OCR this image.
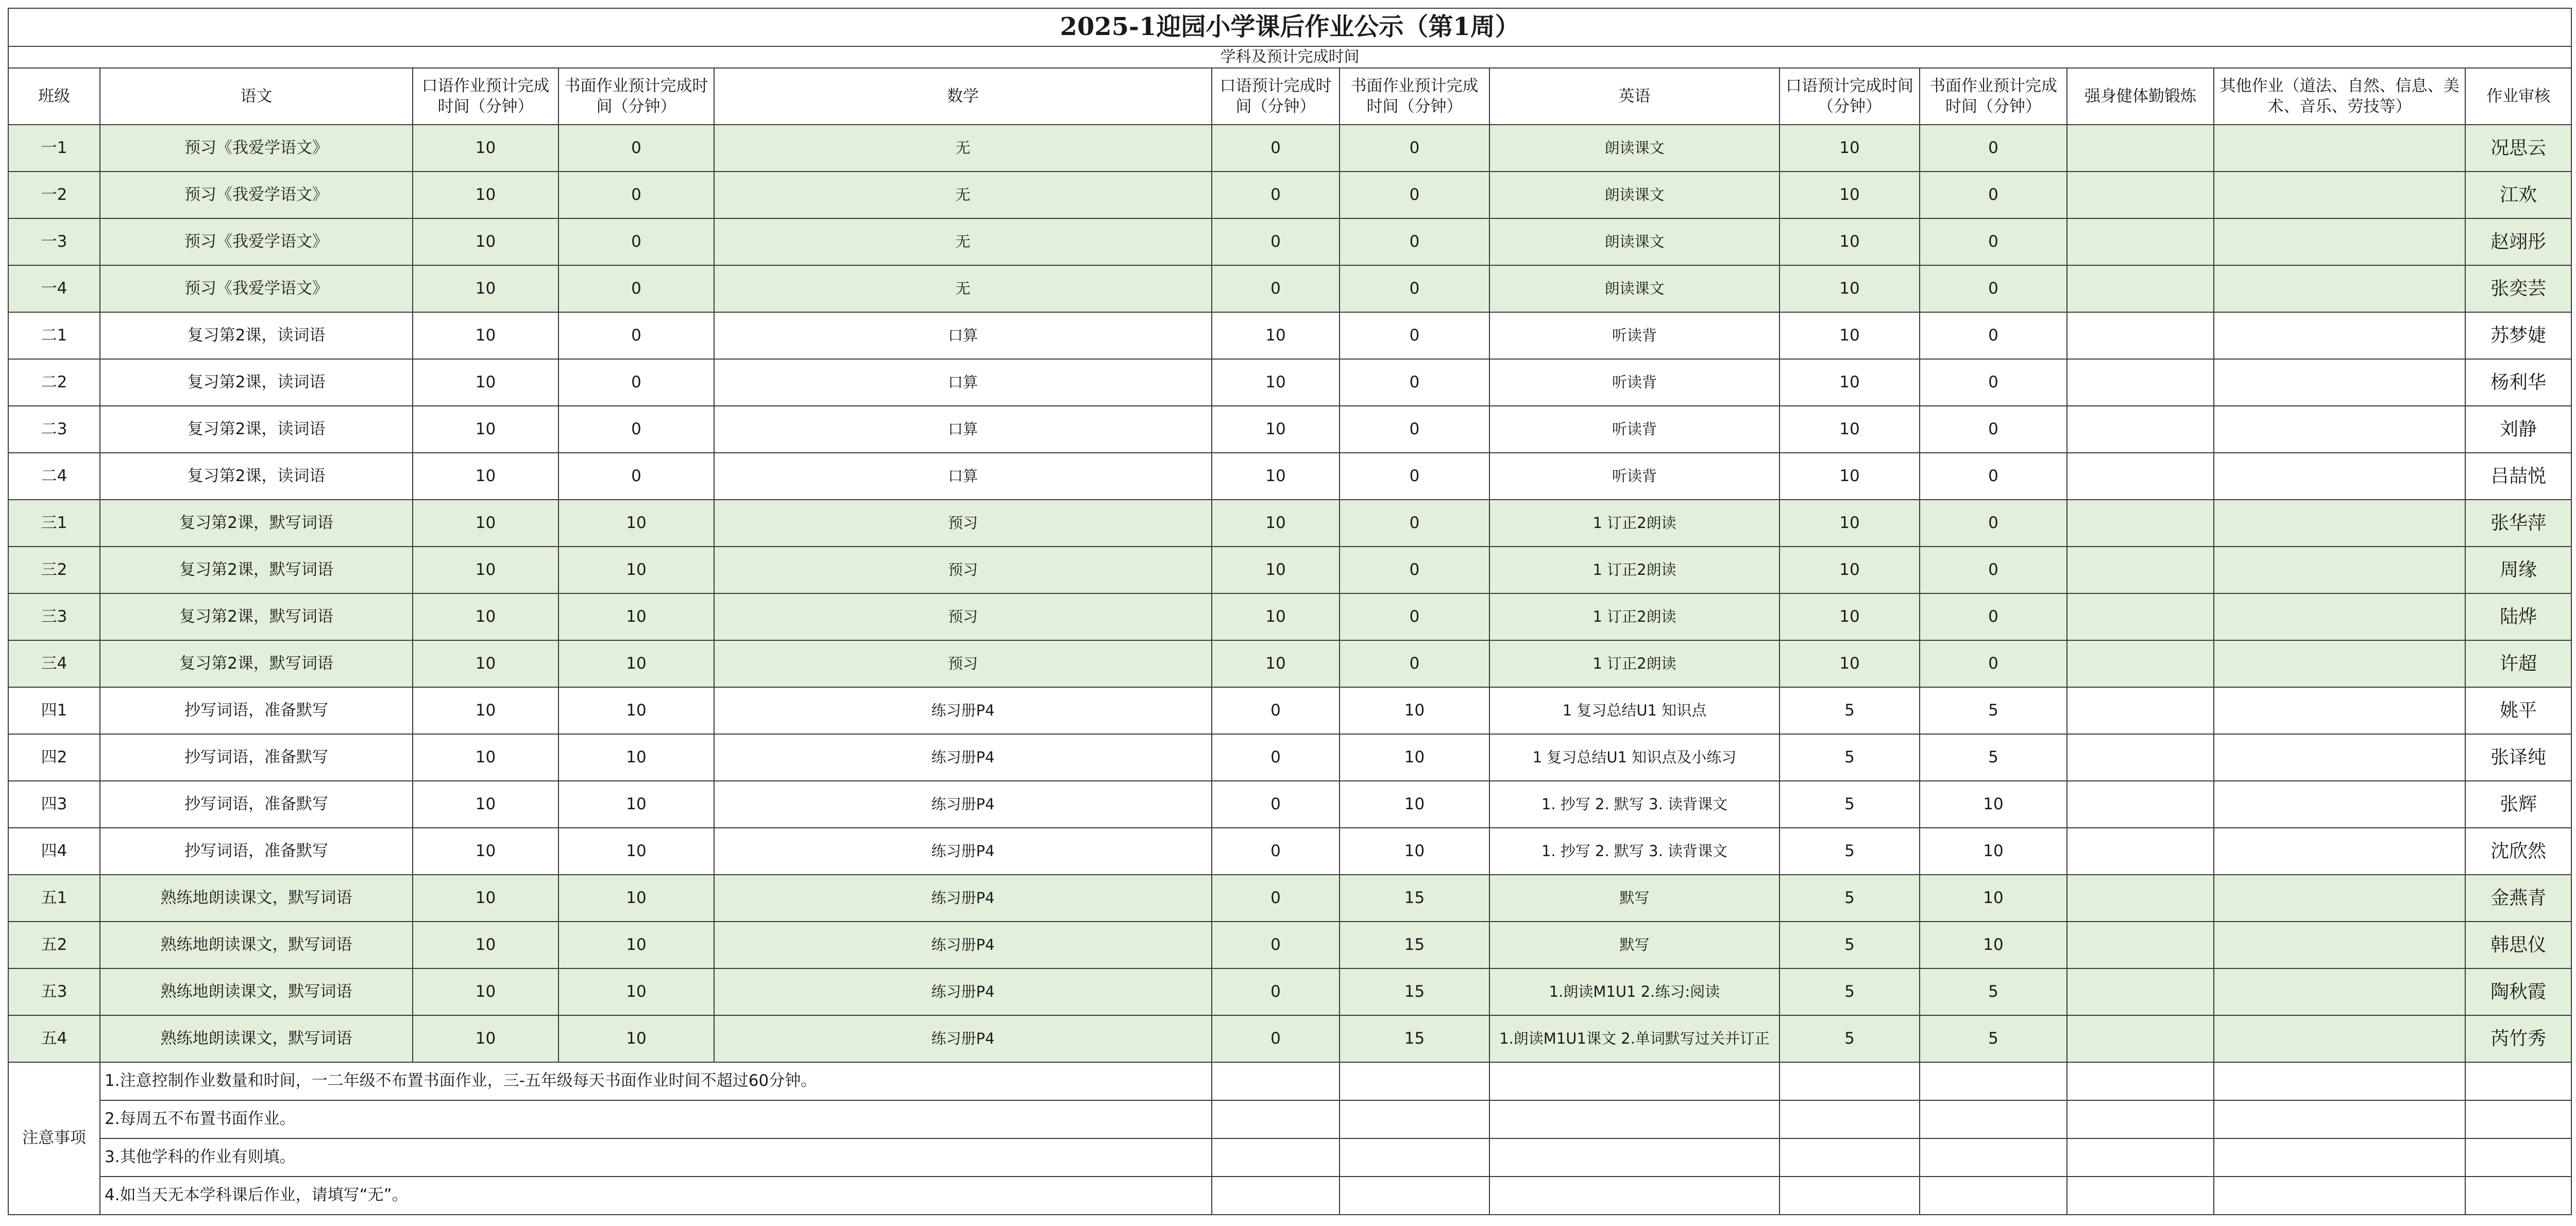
2025-1迎园小学课后作业公示（第1周）												
学科及预计完成时间												
班级	语文	口语作业预计完成时间（分钟）	书面作业预计完成时间（分钟）	数学	口语预计完成时间（分钟）	书面作业预计完成时间（分钟）	英语	口语预计完成时间（分钟）	书面作业预计完成时间（分钟）	强身健体勤锻炼	其他作业（道法、自然、信息、美术、音乐、劳技等）	作业审核
一1	预习《我爱学语文》	10	0	无	0	0	朗读课文	10	0			况思云
一2	预习《我爱学语文》	10	0	无	0	0	朗读课文	10	0			江欢
一3	预习《我爱学语文》	10	0	无	0	0	朗读课文	10	0			赵翊彤
一4	预习《我爱学语文》	10	0	无	0	0	朗读课文	10	0			张奕芸
二1	复习第2课，读词语	10	0	口算	10	0	听读背	10	0			苏梦婕
二2	复习第2课，读词语	10	0	口算	10	0	听读背	10	0			杨利华
二3	复习第2课，读词语	10	0	口算	10	0	听读背	10	0			刘静
二4	复习第2课，读词语	10	0	口算	10	0	听读背	10	0			吕喆悦
三1	复习第2课，默写词语	10	10	预习	10	0	1 订正2朗读	10	0			张华萍
三2	复习第2课，默写词语	10	10	预习	10	0	1 订正2朗读	10	0			周缘
三3	复习第2课，默写词语	10	10	预习	10	0	1 订正2朗读	10	0			陆烨
三4	复习第2课，默写词语	10	10	预习	10	0	1 订正2朗读	10	0			许超
四1	抄写词语，准备默写	10	10	练习册P4	0	10	1 复习总结U1 知识点	5	5			姚平
四2	抄写词语，准备默写	10	10	练习册P4	0	10	1 复习总结U1 知识点及小练习	5	5			张译纯
四3	抄写词语，准备默写	10	10	练习册P4	0	10	1. 抄写 2. 默写 3. 读背课文	5	10			张辉
四4	抄写词语，准备默写	10	10	练习册P4	0	10	1. 抄写 2. 默写 3. 读背课文	5	10			沈欣然
五1	熟练地朗读课文，默写词语	10	10	练习册P4	0	15	默写	5	10			金燕青
五2	熟练地朗读课文，默写词语	10	10	练习册P4	0	15	默写	5	10			韩思仪
五3	熟练地朗读课文，默写词语	10	10	练习册P4	0	15	1.朗读M1U1 2.练习:阅读	5	5			陶秋霞
五4	熟练地朗读课文，默写词语	10	10	练习册P4	0	15	1.朗读M1U1课文 2.单词默写过关并订正	5	5			芮竹秀
注意事项	1.注意控制作业数量和时间，一二年级不布置书面作业，三-五年级每天书面作业时间不超过60分钟。											
	2.每周五不布置书面作业。											
	3.其他学科的作业有则填。											
	4.如当天无本学科课后作业，请填写“无”。											
